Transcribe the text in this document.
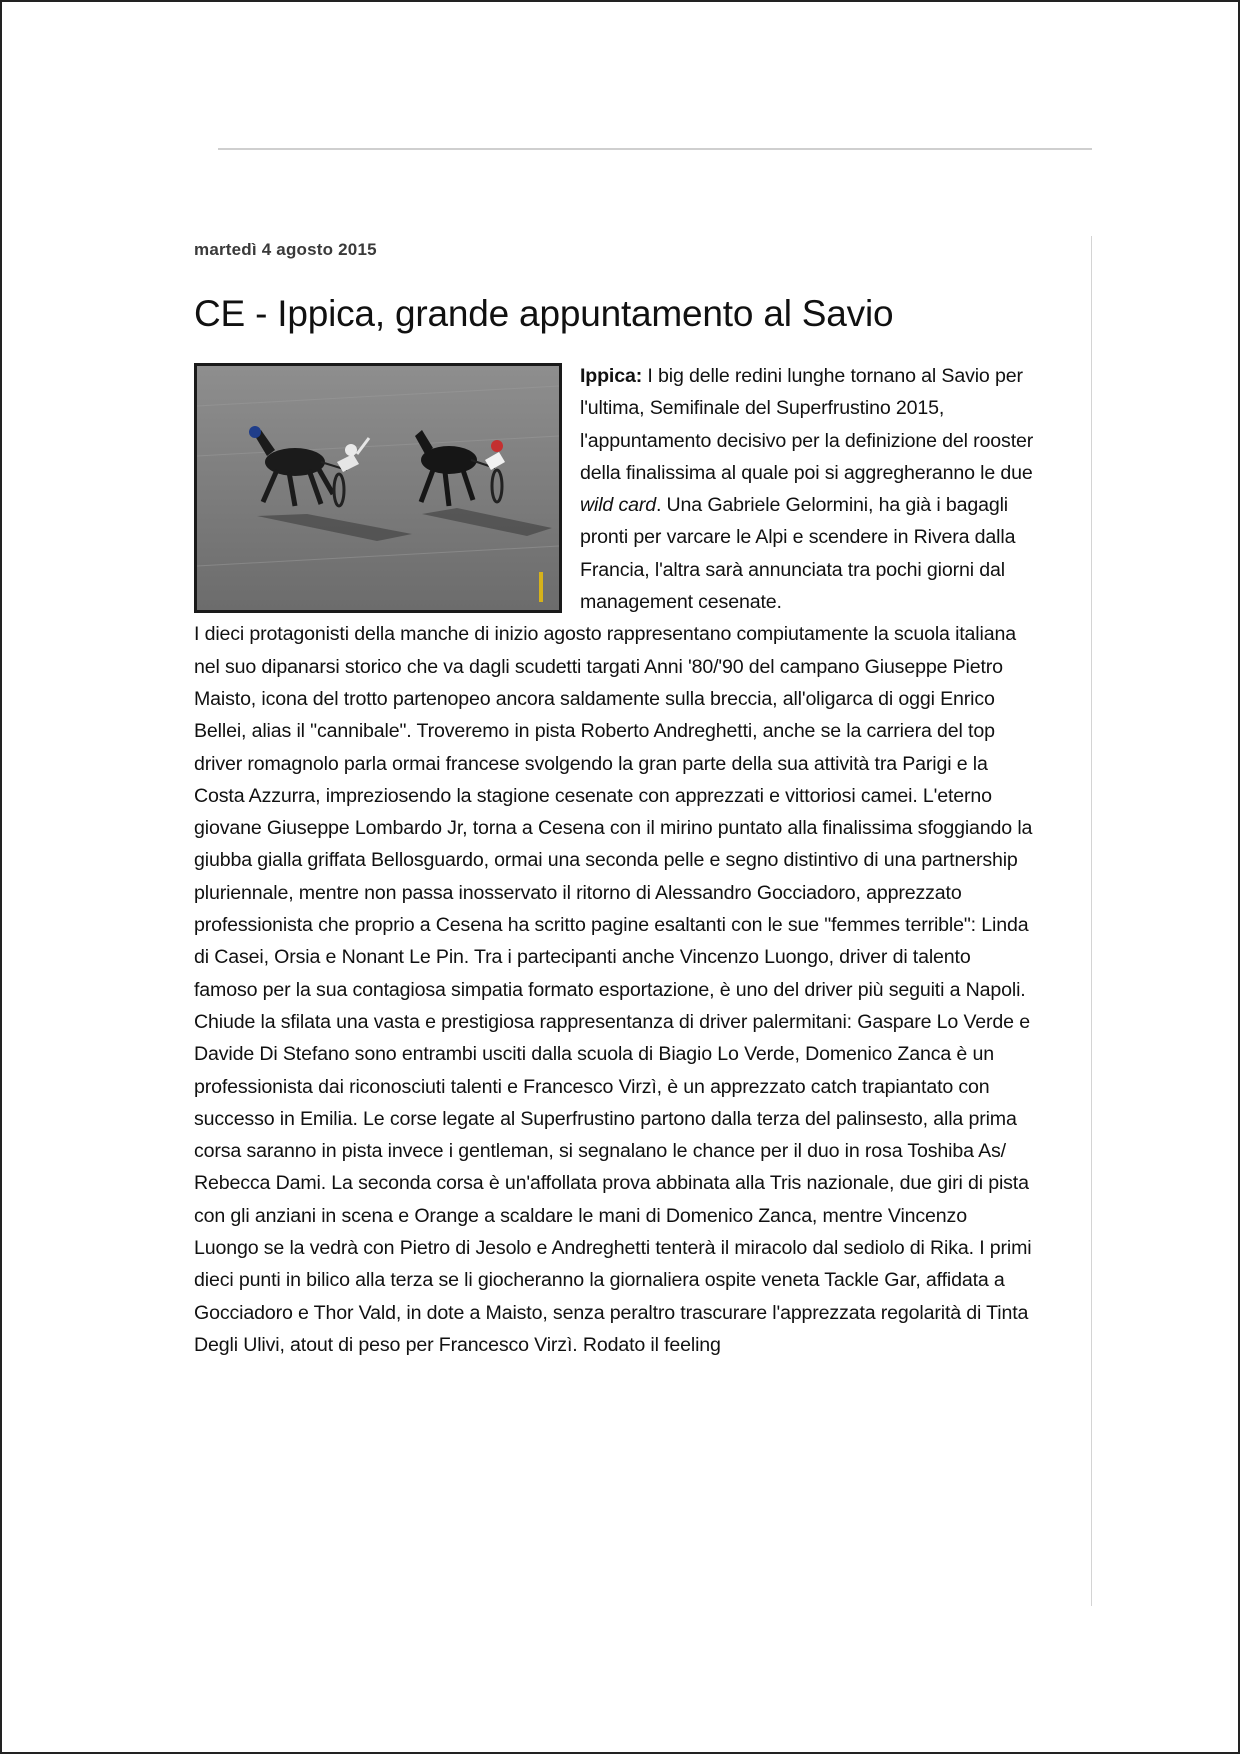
martedì 4 agosto 2015
CE - Ippica, grande appuntamento al Savio

Ippica: I big delle redini lunghe tornano al Savio per l'ultima, Semifinale del Superfrustino 2015, l'appuntamento decisivo per la definizione del rooster della finalissima al quale poi si aggregheranno le due wild card. Una Gabriele Gelormini, ha già i bagagli pronti per varcare le Alpi e scendere in Rivera dalla Francia, l'altra sarà annunciata tra pochi giorni dal management cesenate.

I dieci protagonisti della manche di inizio agosto rappresentano compiutamente la scuola italiana nel suo dipanarsi storico che va dagli scudetti targati Anni '80/'90 del campano Giuseppe Pietro Maisto, icona del trotto partenopeo ancora saldamente sulla breccia, all'oligarca di oggi Enrico Bellei, alias il "cannibale". Troveremo in pista Roberto Andreghetti, anche se la carriera del top driver romagnolo parla ormai francese svolgendo la gran parte della sua attività tra Parigi e la Costa Azzurra, impreziosendo la stagione cesenate con apprezzati e vittoriosi camei. L'eterno giovane Giuseppe Lombardo Jr, torna a Cesena con il mirino puntato alla finalissima sfoggiando la giubba gialla griffata Bellosguardo, ormai una seconda pelle e segno distintivo di una partnership pluriennale, mentre non passa inosservato il ritorno di Alessandro Gocciadoro, apprezzato professionista che proprio a Cesena ha scritto pagine esaltanti con le sue "femmes terrible": Linda di Casei, Orsia e Nonant Le Pin. Tra i partecipanti anche Vincenzo Luongo, driver di talento famoso per la sua contagiosa simpatia formato esportazione, è uno del driver più seguiti a Napoli. Chiude la sfilata una vasta e prestigiosa rappresentanza di driver palermitani: Gaspare Lo Verde e Davide Di Stefano sono entrambi usciti dalla scuola di Biagio Lo Verde, Domenico Zanca è un professionista dai riconosciuti talenti e Francesco Virzì, è un apprezzato catch trapiantato con successo in Emilia. Le corse legate al Superfrustino partono dalla terza del palinsesto, alla prima corsa saranno in pista invece i gentleman, si segnalano le chance per il duo in rosa Toshiba As/ Rebecca Dami. La seconda corsa è un'affollata prova abbinata alla Tris nazionale, due giri di pista con gli anziani in scena e Orange a scaldare le mani di Domenico Zanca, mentre Vincenzo Luongo se la vedrà con Pietro di Jesolo e Andreghetti tenterà il miracolo dal sediolo di Rika. I primi dieci punti in bilico alla terza se li giocheranno la giornaliera ospite veneta Tackle Gar, affidata a Gocciadoro e Thor Vald, in dote a Maisto, senza peraltro trascurare l'apprezzata regolarità di Tinta Degli Ulivi, atout di peso per Francesco Virzì. Rodato il feeling
